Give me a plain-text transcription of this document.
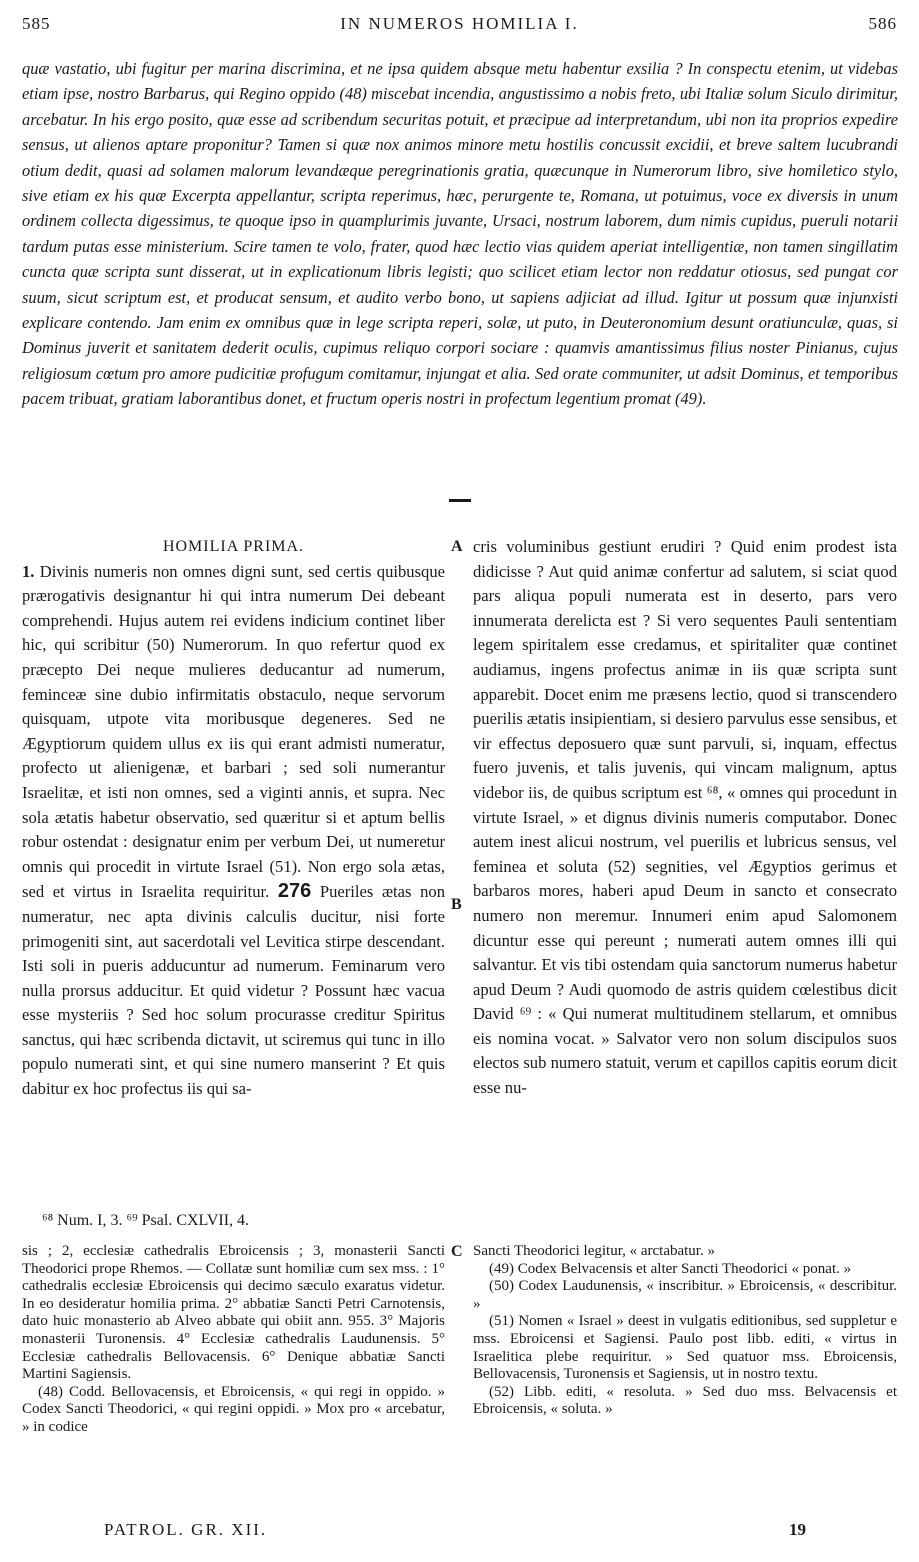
585	IN NUMEROS HOMILIA I.	586

quæ vastatio, ubi fugitur per marina discrimina, et ne ipsa quidem absque metu habentur exsilia ? In conspectu etenim, ut videbas etiam ipse, nostro Barbarus, qui Regino oppido (48) miscebat incendia, angustissimo a nobis freto, ubi Italiæ solum Siculo dirimitur, arcebatur. In his ergo posito, quæ esse ad scribendum securitas potuit, et præcipue ad interpretandum, ubi non ita proprios expedire sensus, ut alienos aptare proponitur? Tamen si quæ nox animos minore metu hostilis concussit excidii, et breve saltem lucubrandi otium dedit, quasi ad solamen malorum levandæque peregrinationis gratia, quæcunque in Numerorum libro, sive homiletico stylo, sive etiam ex his quæ Excerpta appellantur, scripta reperimus, hæc, perurgente te, Romana, ut potuimus, voce ex diversis in unum ordinem collecta digessimus, te quoque ipso in quamplurimis juvante, Ursaci, nostrum laborem, dum nimis cupidus, pueruli notarii tardum putas esse ministerium. Scire tamen te volo, frater, quod hæc lectio vias quidem aperiat intelligentiæ, non tamen singillatim cuncta quæ scripta sunt disserat, ut in explicationum libris legisti; quo scilicet etiam lector non reddatur otiosus, sed pungat cor suum, sicut scriptum est, et producat sensum, et audito verbo bono, ut sapiens adjiciat ad illud. Igitur ut possum quæ injunxisti explicare contendo. Jam enim ex omnibus quæ in lege scripta reperi, solæ, ut puto, in Deuteronomium desunt oratiunculæ, quas, si Dominus juverit et sanitatem dederit oculis, cupimus reliquo corpori sociare : quamvis amantissimus filius noster Pinianus, cujus religiosum cœtum pro amore pudicitiæ profugum comitamur, injungat et alia. Sed orate communiter, ut adsit Dominus, et temporibus pacem tribuat, gratiam laborantibus donet, et fructum operis nostri in profectum legentium promat (49).

HOMILIA PRIMA.

1. Divinis numeris non omnes digni sunt, sed certis quibusque prærogativis designantur hi qui intra numerum Dei debeant comprehendi. Hujus autem rei evidens indicium continet liber hic, qui scribitur (50) Numerorum. In quo refertur quod ex præcepto Dei neque mulieres deducantur ad numerum, feminceæ sine dubio infirmitatis obstaculo, neque servorum quisquam, utpote vita moribusque degeneres. Sed ne Ægyptiorum quidem ullus ex iis qui erant admisti numeratur, profecto ut alienigenæ, et barbari ; sed soli numerantur Israelitæ, et isti non omnes, sed a viginti annis, et supra. Nec sola ætatis habetur observatio, sed quæritur si et aptum bellis robur ostendat : designatur enim per verbum Dei, ut numeretur omnis qui procedit in virtute Israel (51). Non ergo sola ætas, sed et virtus in Israelita requiritur. 276 Pueriles ætas non numeratur, nec apta divinis calculis ducitur, nisi forte primogeniti sint, aut sacerdotali vel Levitica stirpe descendant. Isti soli in pueris adducuntur ad numerum. Feminarum vero nulla prorsus adducitur. Et quid videtur ? Possunt hæc vacua esse mysteriis ? Sed hoc solum procurasse creditur Spiritus sanctus, qui hæc scribenda dictavit, ut sciremus qui tunc in illo populo numerati sint, et qui sine numero manserint ? Et quis dabitur ex hoc profectus iis qui sa-

A
B
C

cris voluminibus gestiunt erudiri ? Quid enim prodest ista didicisse ? Aut quid animæ confertur ad salutem, si sciat quod pars aliqua populi numerata est in deserto, pars vero innumerata derelicta est ? Si vero sequentes Pauli sententiam legem spiritalem esse credamus, et spiritaliter quæ continet audiamus, ingens profectus animæ in iis quæ scripta sunt apparebit. Docet enim me præsens lectio, quod si transcendero puerilis ætatis insipientiam, si desiero parvulus esse sensibus, et vir effectus deposuero quæ sunt parvuli, si, inquam, effectus fuero juvenis, et talis juvenis, qui vincam malignum, aptus videbor iis, de quibus scriptum est ⁶⁸, « omnes qui procedunt in virtute Israel, » et dignus divinis numeris computabor. Donec autem inest alicui nostrum, vel puerilis et lubricus sensus, vel feminea et soluta (52) segnities, vel Ægyptios gerimus et barbaros mores, haberi apud Deum in sancto et consecrato numero non meremur. Innumeri enim apud Salomonem dicuntur esse qui pereunt ; numerati autem omnes illi qui salvantur. Et vis tibi ostendam quia sanctorum numerus habetur apud Deum ? Audi quomodo de astris quidem cœlestibus dicit David ⁶⁹ : « Qui numerat multitudinem stellarum, et omnibus eis nomina vocat. » Salvator vero non solum discipulos suos electos sub numero statuit, verum et capillos capitis eorum dicit esse nu-

⁶⁸ Num. I, 3. ⁶⁹ Psal. CXLVII, 4.

sis ; 2, ecclesiæ cathedralis Ebroicensis ; 3, monasterii Sancti Theodorici prope Rhemos. — Collatæ sunt homiliæ cum sex mss. : 1° cathedralis ecclesiæ Ebroicensis qui decimo sæculo exaratus videtur. In eo desideratur homilia prima. 2° abbatiæ Sancti Petri Carnotensis, dato huic monasterio ab Alveo abbate qui obiit ann. 955. 3° Majoris monasterii Turonensis. 4° Ecclesiæ cathedralis Laudunensis. 5° Ecclesiæ cathedralis Bellovacensis. 6° Denique abbatiæ Sancti Martini Sagiensis.

(48) Codd. Bellovacensis, et Ebroicensis, « qui regi in oppido. » Codex Sancti Theodorici, « qui regini oppidi. » Mox pro « arcebatur, » in codice

Sancti Theodorici legitur, « arctabatur. »

(49) Codex Belvacensis et alter Sancti Theodorici « ponat. »

(50) Codex Laudunensis, « inscribitur. » Ebroicensis, « describitur. »

(51) Nomen « Israel » deest in vulgatis editionibus, sed suppletur e mss. Ebroicensi et Sagiensi. Paulo post libb. editi, « virtus in Israelitica plebe requiritur. » Sed quatuor mss. Ebroicensis, Bellovacensis, Turonensis et Sagiensis, ut in nostro textu.

(52) Libb. editi, « resoluta. » Sed duo mss. Belvacensis et Ebroicensis, « soluta. »

PATROL. GR. XII.	19
